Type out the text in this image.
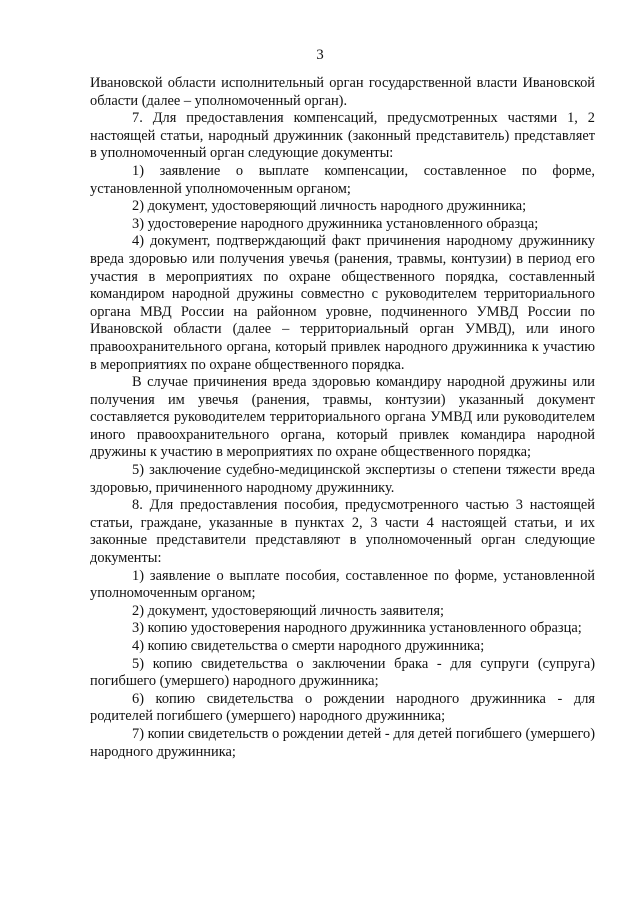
3

Ивановской области исполнительный орган государственной власти Ивановской области (далее – уполномоченный орган).

7. Для предоставления компенсаций, предусмотренных частями 1, 2 настоящей статьи, народный дружинник (законный представитель) представляет в уполномоченный орган следующие документы:

1) заявление о выплате компенсации, составленное по форме, установленной уполномоченным органом;

2) документ, удостоверяющий личность народного дружинника;

3) удостоверение народного дружинника установленного образца;

4) документ, подтверждающий факт причинения народному дружиннику вреда здоровью или получения увечья (ранения, травмы, контузии) в период его участия в мероприятиях по охране общественного порядка, составленный командиром народной дружины совместно с руководителем территориального органа МВД России на районном уровне, подчиненного УМВД России по Ивановской области (далее – территориальный орган УМВД), или иного правоохранительного органа, который привлек народного дружинника к участию в мероприятиях по охране общественного порядка.

В случае причинения вреда здоровью командиру народной дружины или получения им увечья (ранения, травмы, контузии) указанный документ составляется руководителем территориального органа УМВД или руководителем иного правоохранительного органа, который привлек командира народной дружины к участию в мероприятиях по охране общественного порядка;

5) заключение судебно-медицинской экспертизы о степени тяжести вреда здоровью, причиненного народному дружиннику.

8. Для предоставления пособия, предусмотренного частью 3 настоящей статьи, граждане, указанные в пунктах 2, 3 части 4 настоящей статьи, и их законные представители представляют в уполномоченный орган следующие документы:

1) заявление о выплате пособия, составленное по форме, установленной уполномоченным органом;

2) документ, удостоверяющий личность заявителя;

3) копию удостоверения народного дружинника установленного образца;

4) копию свидетельства о смерти народного дружинника;

5) копию свидетельства о заключении брака - для супруги (супруга) погибшего (умершего) народного дружинника;

6) копию свидетельства о рождении народного дружинника - для родителей погибшего (умершего) народного дружинника;

7) копии свидетельств о рождении детей - для детей погибшего (умершего) народного дружинника;
